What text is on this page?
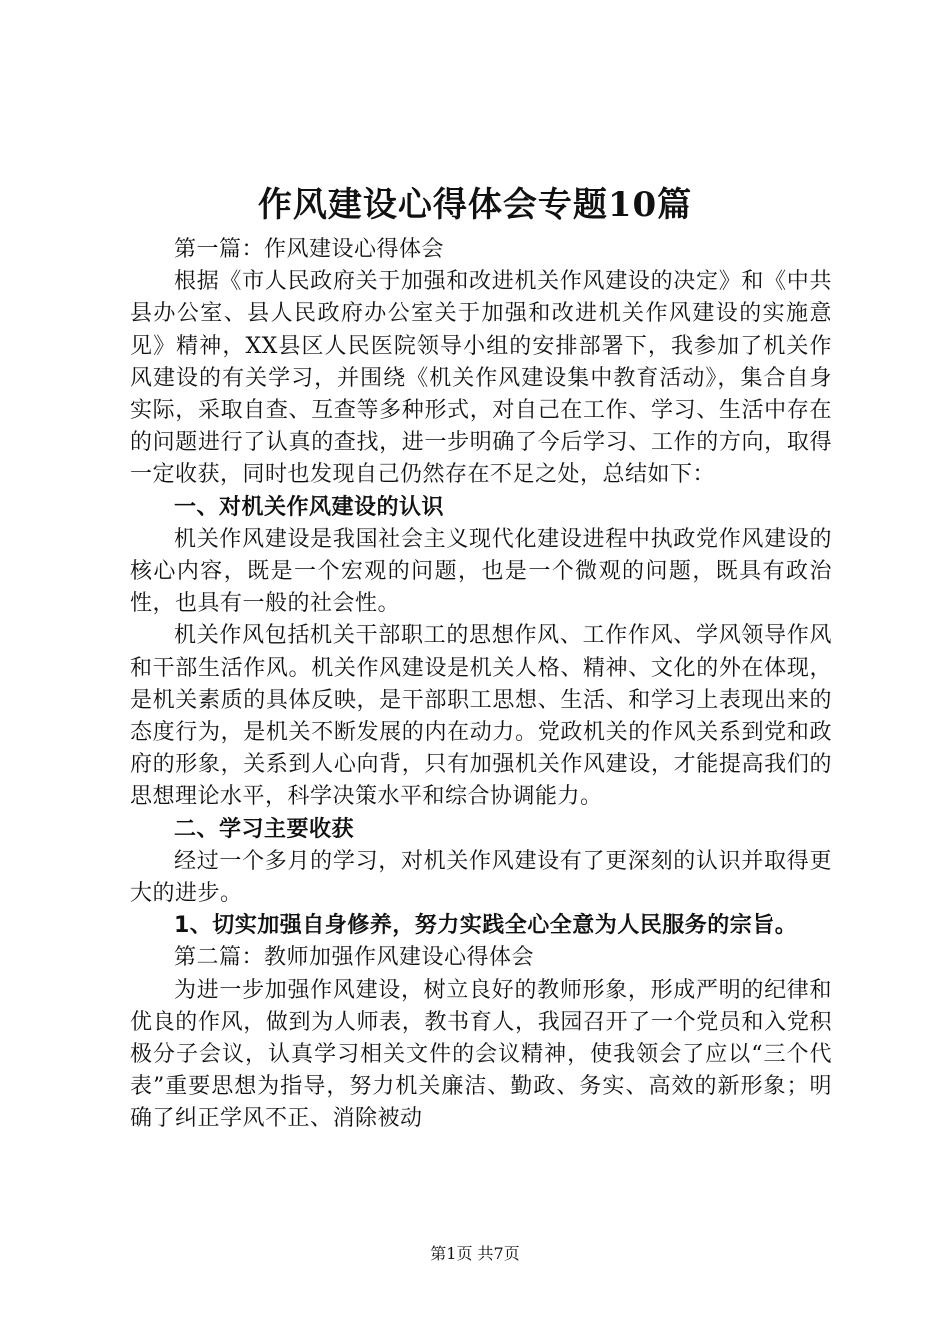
作风建设心得体会专题10篇

第一篇：作风建设心得体会

根据《市人民政府关于加强和改进机关作风建设的决定》和《中共县办公室、县人民政府办公室关于加强和改进机关作风建设的实施意见》精神，XX县区人民医院领导小组的安排部署下，我参加了机关作风建设的有关学习，并围绕《机关作风建设集中教育活动》，集合自身实际，采取自查、互查等多种形式，对自己在工作、学习、生活中存在的问题进行了认真的查找，进一步明确了今后学习、工作的方向，取得一定收获，同时也发现自己仍然存在不足之处，总结如下：

一、对机关作风建设的认识

机关作风建设是我国社会主义现代化建设进程中执政党作风建设的核心内容，既是一个宏观的问题，也是一个微观的问题，既具有政治性，也具有一般的社会性。

机关作风包括机关干部职工的思想作风、工作作风、学风领导作风和干部生活作风。机关作风建设是机关人格、精神、文化的外在体现，是机关素质的具体反映，是干部职工思想、生活、和学习上表现出来的态度行为，是机关不断发展的内在动力。党政机关的作风关系到党和政府的形象，关系到人心向背，只有加强机关作风建设，才能提高我们的思想理论水平，科学决策水平和综合协调能力。

二、学习主要收获

经过一个多月的学习，对机关作风建设有了更深刻的认识并取得更大的进步。

1、切实加强自身修养，努力实践全心全意为人民服务的宗旨。

第二篇：教师加强作风建设心得体会

为进一步加强作风建设，树立良好的教师形象，形成严明的纪律和优良的作风，做到为人师表，教书育人，我园召开了一个党员和入党积极分子会议，认真学习相关文件的会议精神，使我领会了应以“三个代表”重要思想为指导，努力机关廉洁、勤政、务实、高效的新形象；明确了纠正学风不正、消除被动

第1页 共7页
